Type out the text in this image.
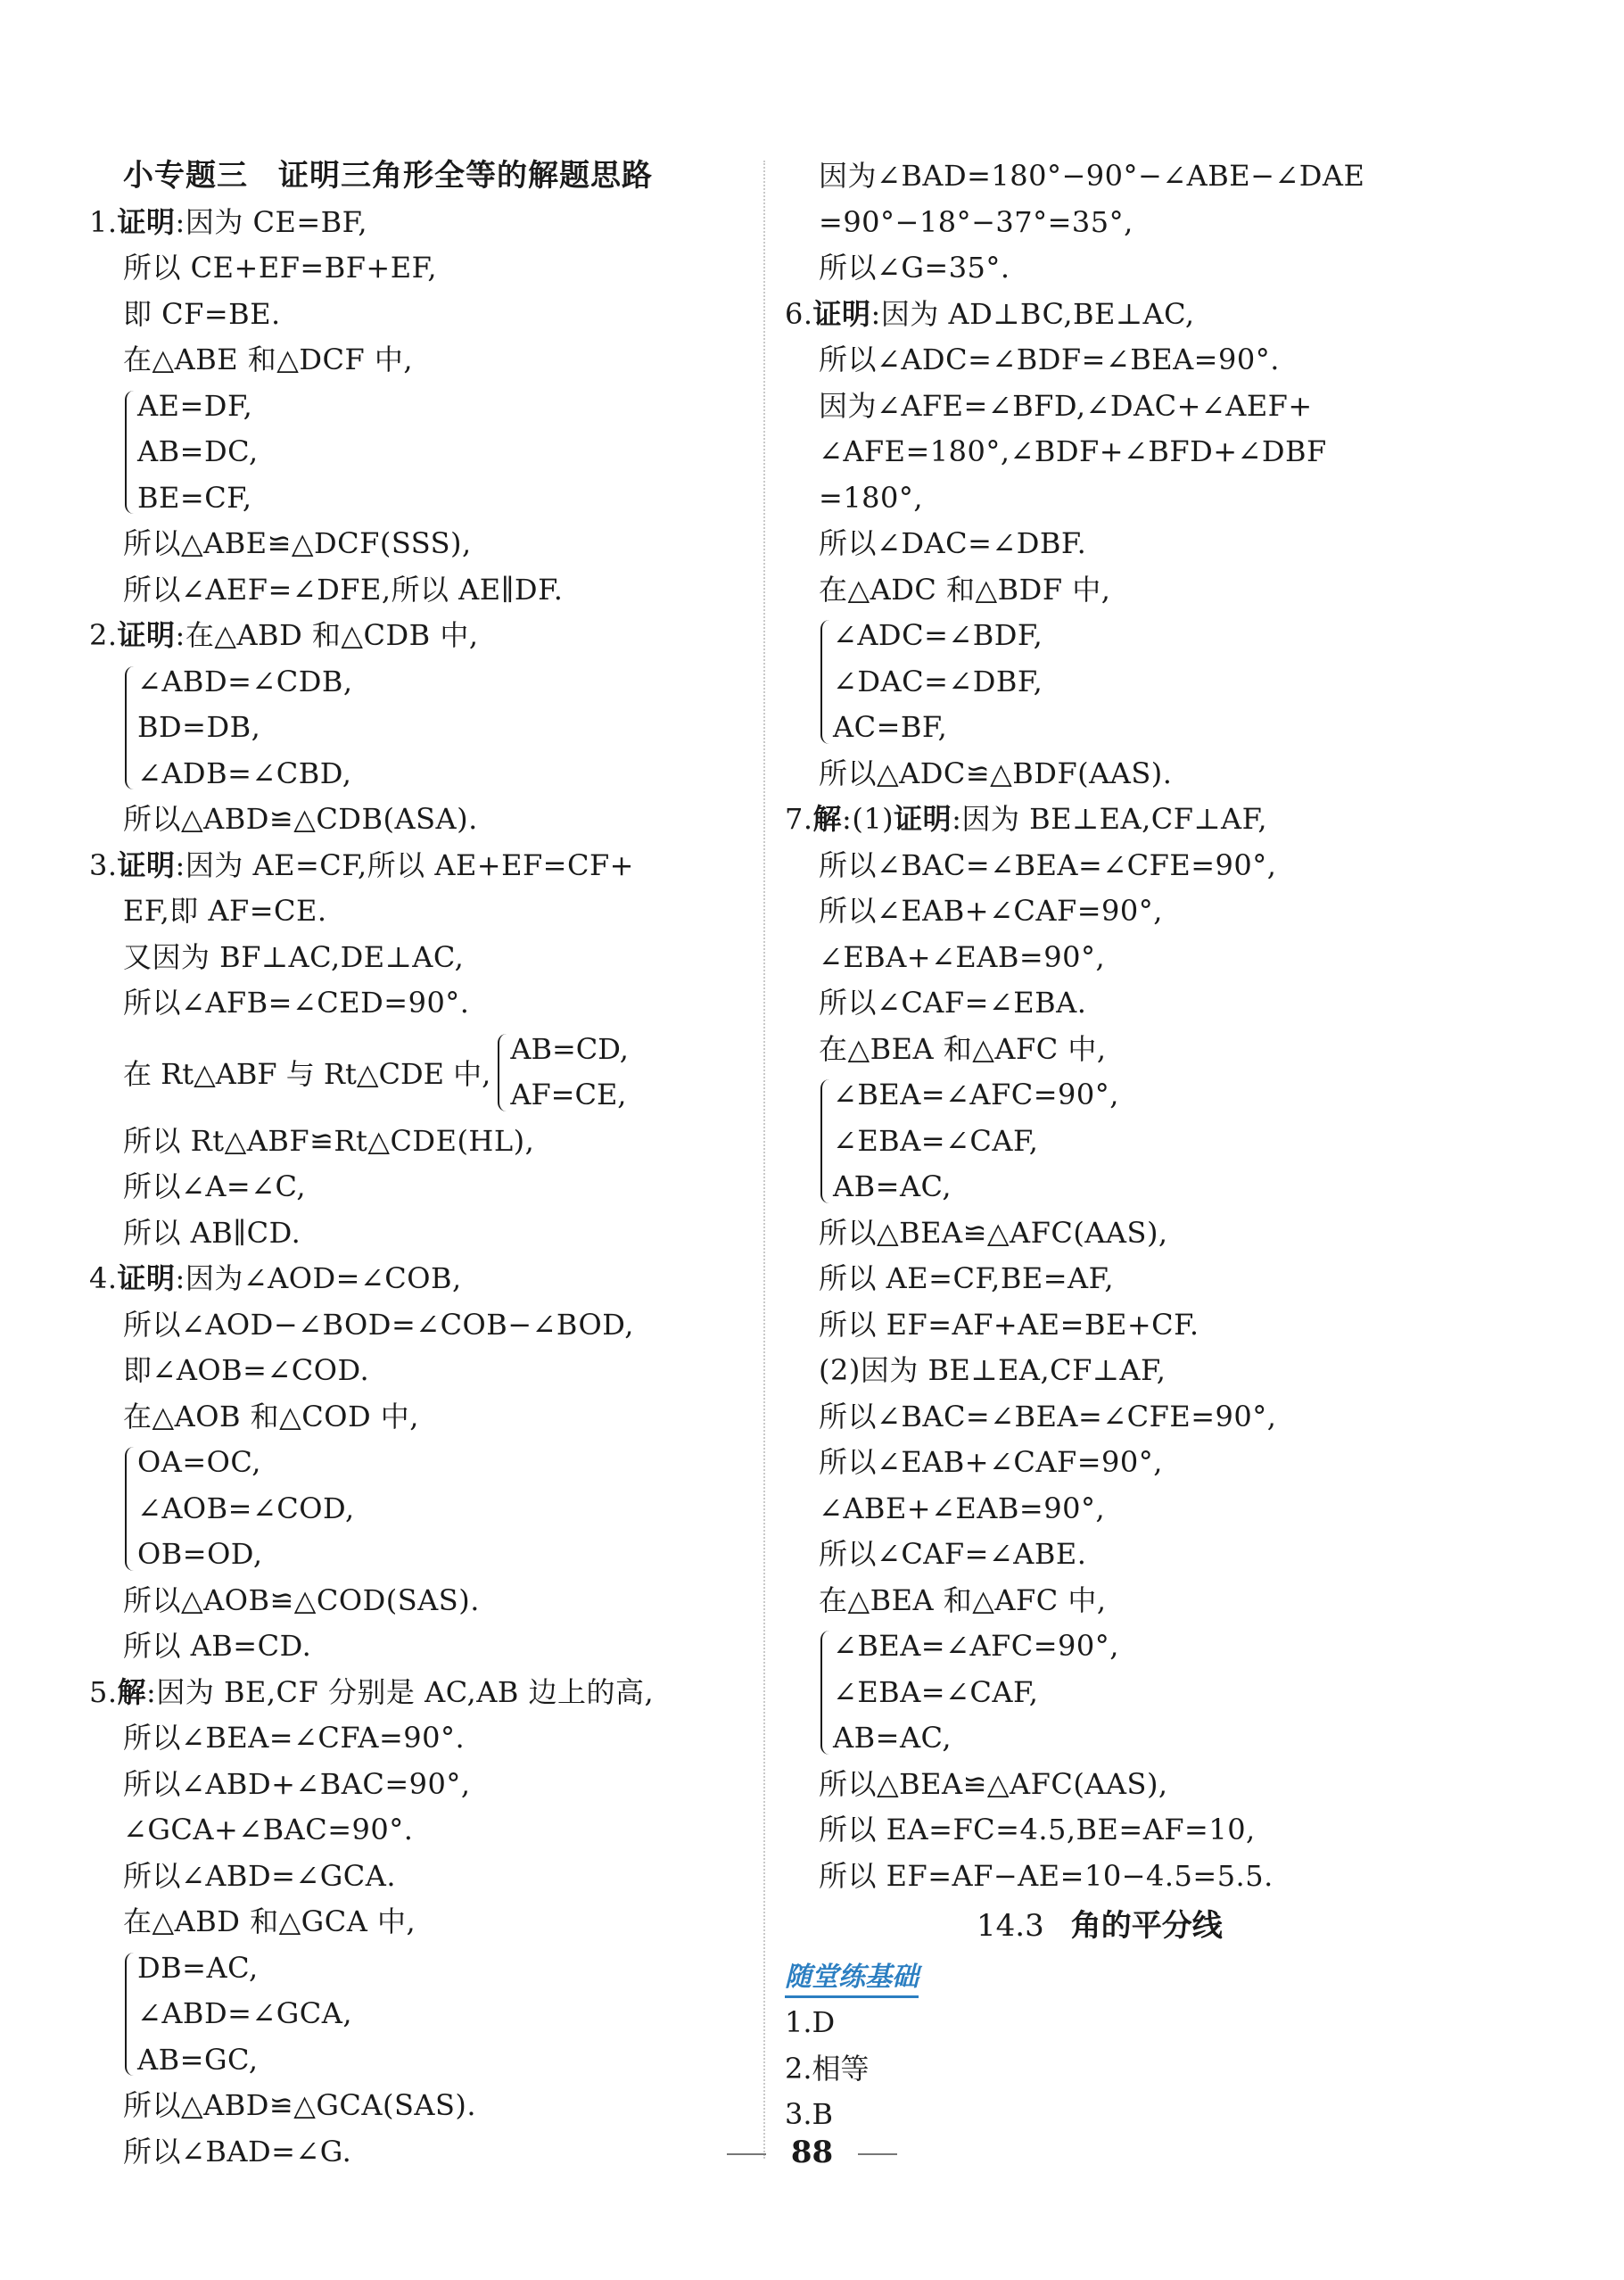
小专题三 证明三角形全等的解题思路
1.证明:因为 CE=BF,
所以 CE+EF=BF+EF,
即 CF=BE.
在△ABE 和△DCF 中,
AE=DF,
AB=DC,
BE=CF,
所以△ABE≌△DCF(SSS),
所以∠AEF=∠DFE,所以 AE∥DF.
2.证明:在△ABD 和△CDB 中,
∠ABD=∠CDB,
BD=DB,
∠ADB=∠CBD,
所以△ABD≌△CDB(ASA).
3.证明:因为 AE=CF,所以 AE+EF=CF+
EF,即 AF=CE.
又因为 BF⊥AC,DE⊥AC,
所以∠AFB=∠CED=90°.
在 Rt△ABF 与 Rt△CDE 中,
AB=CD,
AF=CE,
所以 Rt△ABF≌Rt△CDE(HL),
所以∠A=∠C,
所以 AB∥CD.
4.证明:因为∠AOD=∠COB,
所以∠AOD−∠BOD=∠COB−∠BOD,
即∠AOB=∠COD.
在△AOB 和△COD 中,
OA=OC,
∠AOB=∠COD,
OB=OD,
所以△AOB≌△COD(SAS).
所以 AB=CD.
5.解:因为 BE,CF 分别是 AC,AB 边上的高,
所以∠BEA=∠CFA=90°.
所以∠ABD+∠BAC=90°,
∠GCA+∠BAC=90°.
所以∠ABD=∠GCA.
在△ABD 和△GCA 中,
DB=AC,
∠ABD=∠GCA,
AB=GC,
所以△ABD≌△GCA(SAS).
所以∠BAD=∠G.
因为∠BAD=180°−90°−∠ABE−∠DAE
=90°−18°−37°=35°,
所以∠G=35°.
6.证明:因为 AD⊥BC,BE⊥AC,
所以∠ADC=∠BDF=∠BEA=90°.
因为∠AFE=∠BFD,∠DAC+∠AEF+
∠AFE=180°,∠BDF+∠BFD+∠DBF
=180°,
所以∠DAC=∠DBF.
在△ADC 和△BDF 中,
∠ADC=∠BDF,
∠DAC=∠DBF,
AC=BF,
所以△ADC≌△BDF(AAS).
7.解:(1)证明:因为 BE⊥EA,CF⊥AF,
所以∠BAC=∠BEA=∠CFE=90°,
所以∠EAB+∠CAF=90°,
∠EBA+∠EAB=90°,
所以∠CAF=∠EBA.
在△BEA 和△AFC 中,
∠BEA=∠AFC=90°,
∠EBA=∠CAF,
AB=AC,
所以△BEA≌△AFC(AAS),
所以 AE=CF,BE=AF,
所以 EF=AF+AE=BE+CF.
(2)因为 BE⊥EA,CF⊥AF,
所以∠BAC=∠BEA=∠CFE=90°,
所以∠EAB+∠CAF=90°,
∠ABE+∠EAB=90°,
所以∠CAF=∠ABE.
在△BEA 和△AFC 中,
∠BEA=∠AFC=90°,
∠EBA=∠CAF,
AB=AC,
所以△BEA≌△AFC(AAS),
所以 EA=FC=4.5,BE=AF=10,
所以 EF=AF−AE=10−4.5=5.5.
14.3 角的平分线
随堂练基础
1.D
2.相等
3.B
88
